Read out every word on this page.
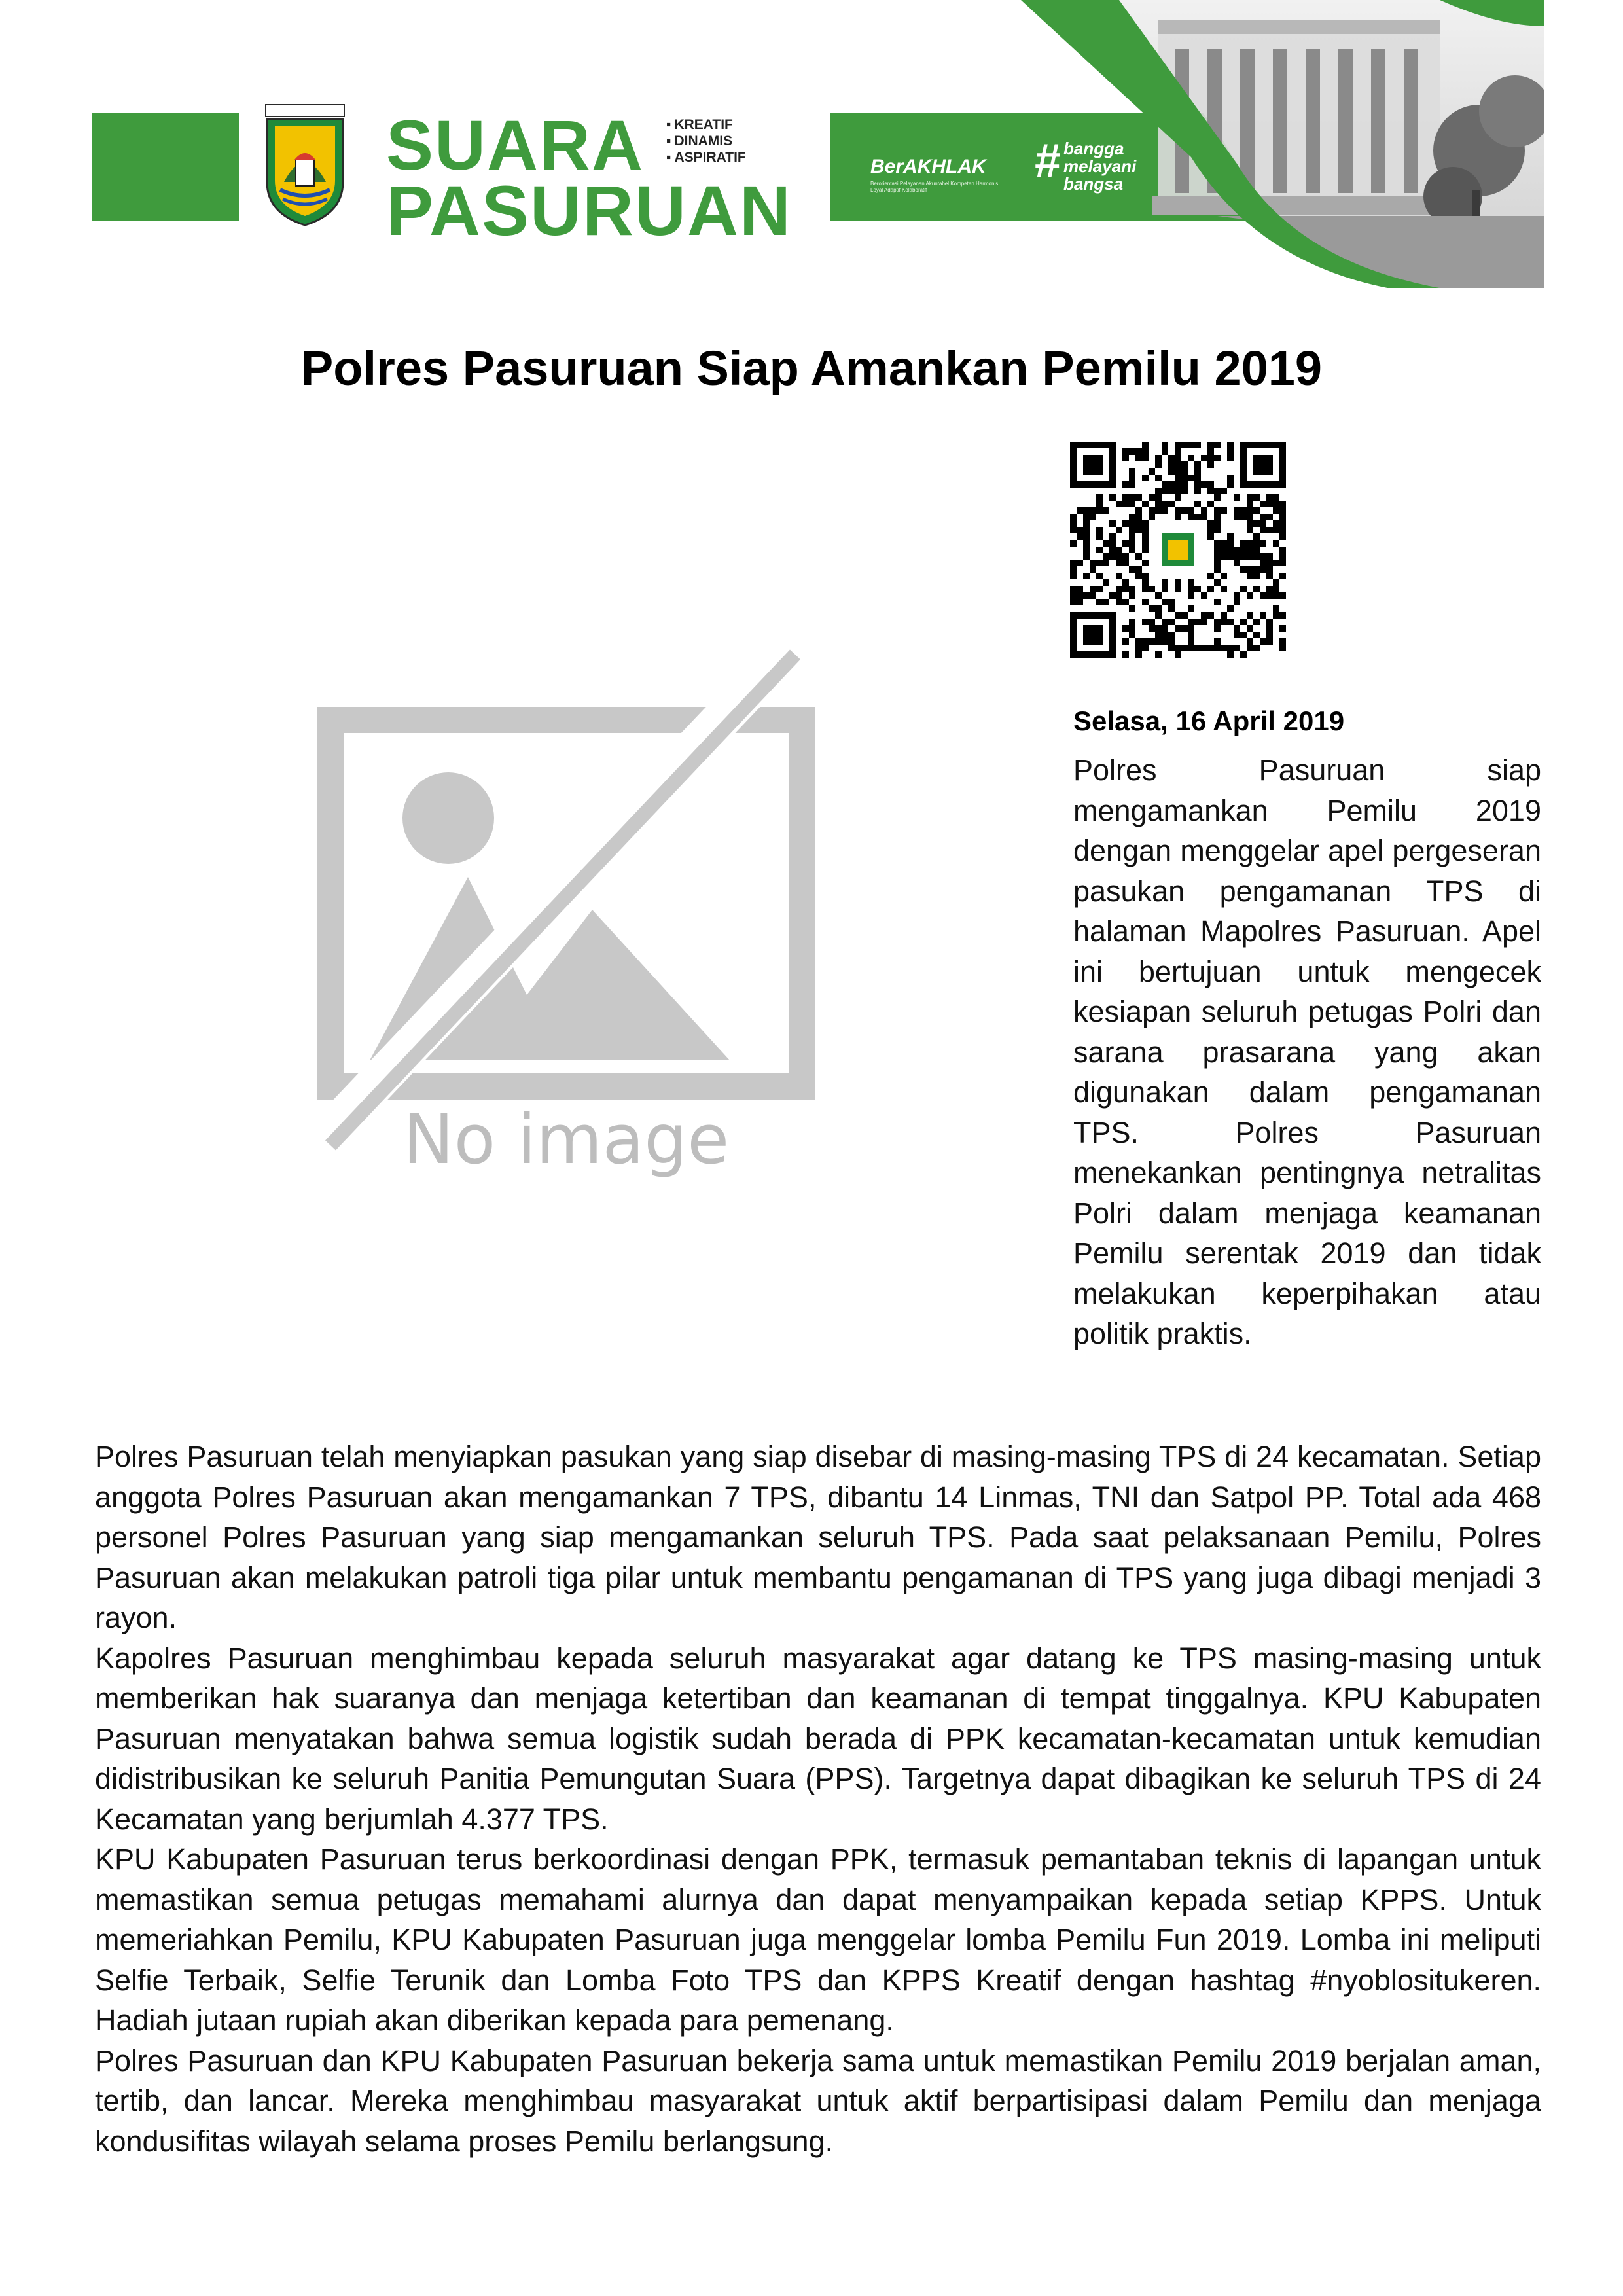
SUARA
PASURUAN
▪ KREATIF
▪ DINAMIS
▪ ASPIRATIF	BerAKHLAK
Berorientasi Pelayanan Akuntabel Kompeten Harmonis Loyal Adaptif Kolaboratif
# bangga
melayani
bangsa
Polres Pasuruan Siap Amankan Pemilu 2019
No image
Selasa, 16 April 2019
Polres Pasuruan siap mengamankan Pemilu 2019 dengan menggelar apel pergeseran pasukan pengamanan TPS di halaman Mapolres Pasuruan. Apel ini bertujuan untuk mengecek kesiapan seluruh petugas Polri dan sarana prasarana yang akan digunakan dalam pengamanan TPS. Polres Pasuruan menekankan pentingnya netralitas Polri dalam menjaga keamanan Pemilu serentak 2019 dan tidak melakukan keperpihakan atau politik praktis.

Polres Pasuruan telah menyiapkan pasukan yang siap disebar di masing-masing TPS di 24 kecamatan. Setiap anggota Polres Pasuruan akan mengamankan 7 TPS, dibantu 14 Linmas, TNI dan Satpol PP. Total ada 468 personel Polres Pasuruan yang siap mengamankan seluruh TPS. Pada saat pelaksanaan Pemilu, Polres Pasuruan akan melakukan patroli tiga pilar untuk membantu pengamanan di TPS yang juga dibagi menjadi 3 rayon.

Kapolres Pasuruan menghimbau kepada seluruh masyarakat agar datang ke TPS masing-masing untuk memberikan hak suaranya dan menjaga ketertiban dan keamanan di tempat tinggalnya. KPU Kabupaten Pasuruan menyatakan bahwa semua logistik sudah berada di PPK kecamatan-kecamatan untuk kemudian didistribusikan ke seluruh Panitia Pemungutan Suara (PPS). Targetnya dapat dibagikan ke seluruh TPS di 24 Kecamatan yang berjumlah 4.377 TPS.

KPU Kabupaten Pasuruan terus berkoordinasi dengan PPK, termasuk pemantaban teknis di lapangan untuk memastikan semua petugas memahami alurnya dan dapat menyampaikan kepada setiap KPPS. Untuk memeriahkan Pemilu, KPU Kabupaten Pasuruan juga menggelar lomba Pemilu Fun 2019. Lomba ini meliputi Selfie Terbaik, Selfie Terunik dan Lomba Foto TPS dan KPPS Kreatif dengan hashtag #nyoblositukeren. Hadiah jutaan rupiah akan diberikan kepada para pemenang.

Polres Pasuruan dan KPU Kabupaten Pasuruan bekerja sama untuk memastikan Pemilu 2019 berjalan aman, tertib, dan lancar. Mereka menghimbau masyarakat untuk aktif berpartisipasi dalam Pemilu dan menjaga kondusifitas wilayah selama proses Pemilu berlangsung.
